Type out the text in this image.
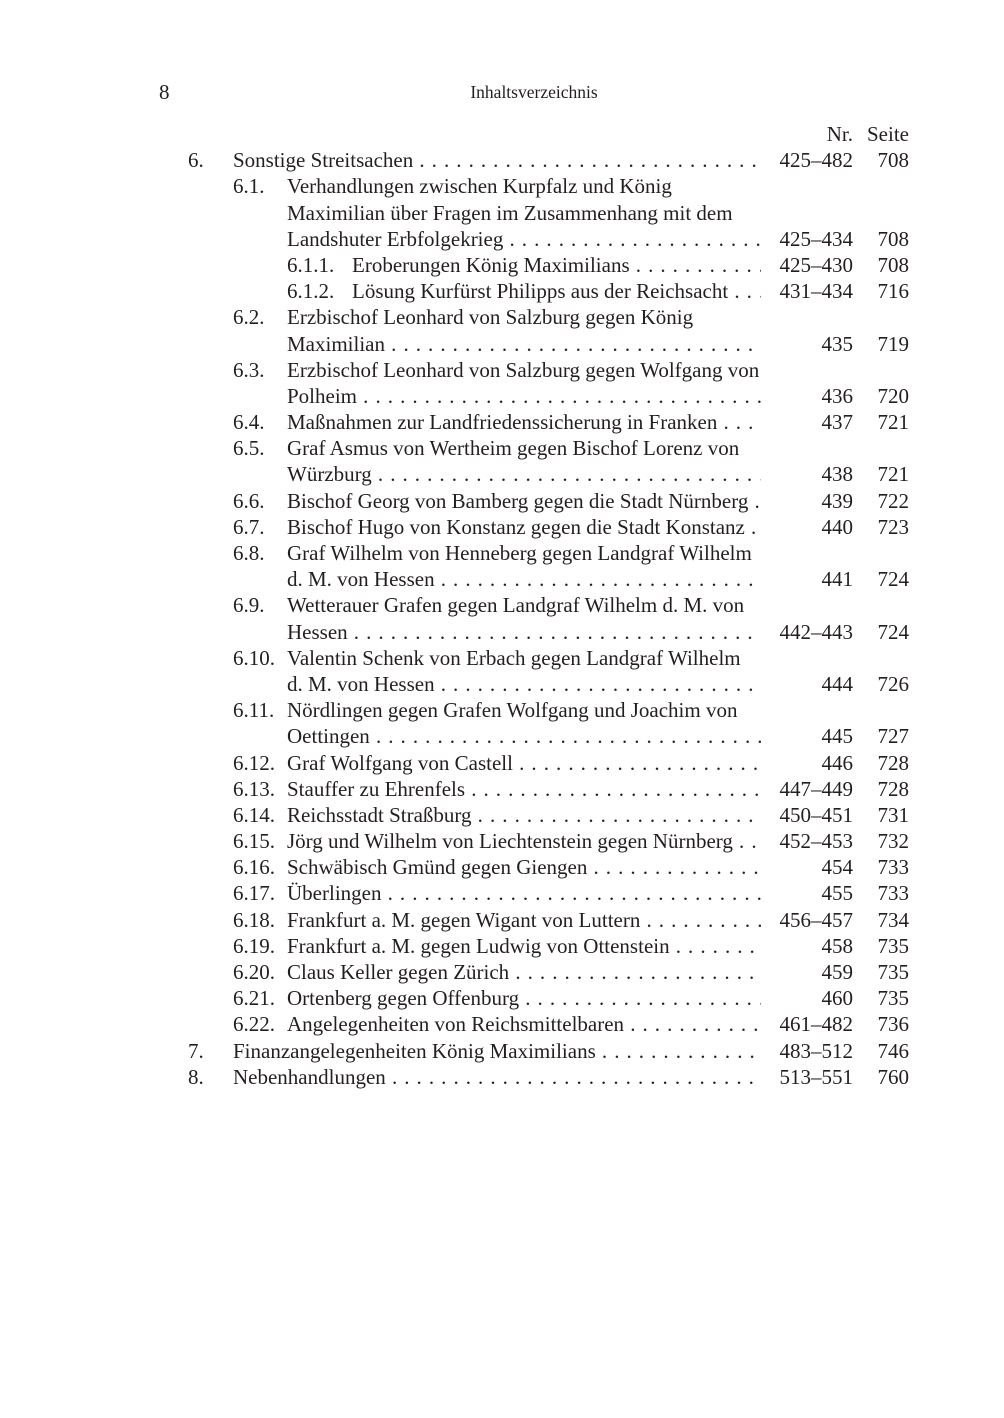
8	Inhaltsverzeichnis
Nr. Seite
6. Sonstige Streitsachen . . .	425–482 708
6.1. Verhandlungen zwischen Kurpfalz und König
Maximilian über Fragen im Zusammenhang mit dem
Landshuter Erbfolgekrieg . . .	425–434 708
6.1.1. Eroberungen König Maximilians . . .	425–430 708
6.1.2. Lösung Kurfürst Philipps aus der Reichsacht . . .	431–434 716
6.2. Erzbischof Leonhard von Salzburg gegen König
Maximilian . . .	435 719
6.3. Erzbischof Leonhard von Salzburg gegen Wolfgang von
Polheim . . .	436 720
6.4. Maßnahmen zur Landfriedenssicherung in Franken . . .	437 721
6.5. Graf Asmus von Wertheim gegen Bischof Lorenz von
Würzburg . . .	438 721
6.6. Bischof Georg von Bamberg gegen die Stadt Nürnberg . . .	439 722
6.7. Bischof Hugo von Konstanz gegen die Stadt Konstanz . . .	440 723
6.8. Graf Wilhelm von Henneberg gegen Landgraf Wilhelm
d. M. von Hessen . . .	441 724
6.9. Wetterauer Grafen gegen Landgraf Wilhelm d. M. von
Hessen . . .	442–443 724
6.10. Valentin Schenk von Erbach gegen Landgraf Wilhelm
d. M. von Hessen . . .	444 726
6.11. Nördlingen gegen Grafen Wolfgang und Joachim von
Oettingen . . .	445 727
6.12. Graf Wolfgang von Castell . . .	446 728
6.13. Stauffer zu Ehrenfels . . .	447–449 728
6.14. Reichsstadt Straßburg . . .	450–451 731
6.15. Jörg und Wilhelm von Liechtenstein gegen Nürnberg . . .	452–453 732
6.16. Schwäbisch Gmünd gegen Giengen . . .	454 733
6.17. Überlingen . . .	455 733
6.18. Frankfurt a. M. gegen Wigant von Luttern . . .	456–457 734
6.19. Frankfurt a. M. gegen Ludwig von Ottenstein . . .	458 735
6.20. Claus Keller gegen Zürich . . .	459 735
6.21. Ortenberg gegen Offenburg . . .	460 735
6.22. Angelegenheiten von Reichsmittelbaren . . .	461–482 736
7. Finanzangelegenheiten König Maximilians . . .	483–512 746
8. Nebenhandlungen . . .	513–551 760
